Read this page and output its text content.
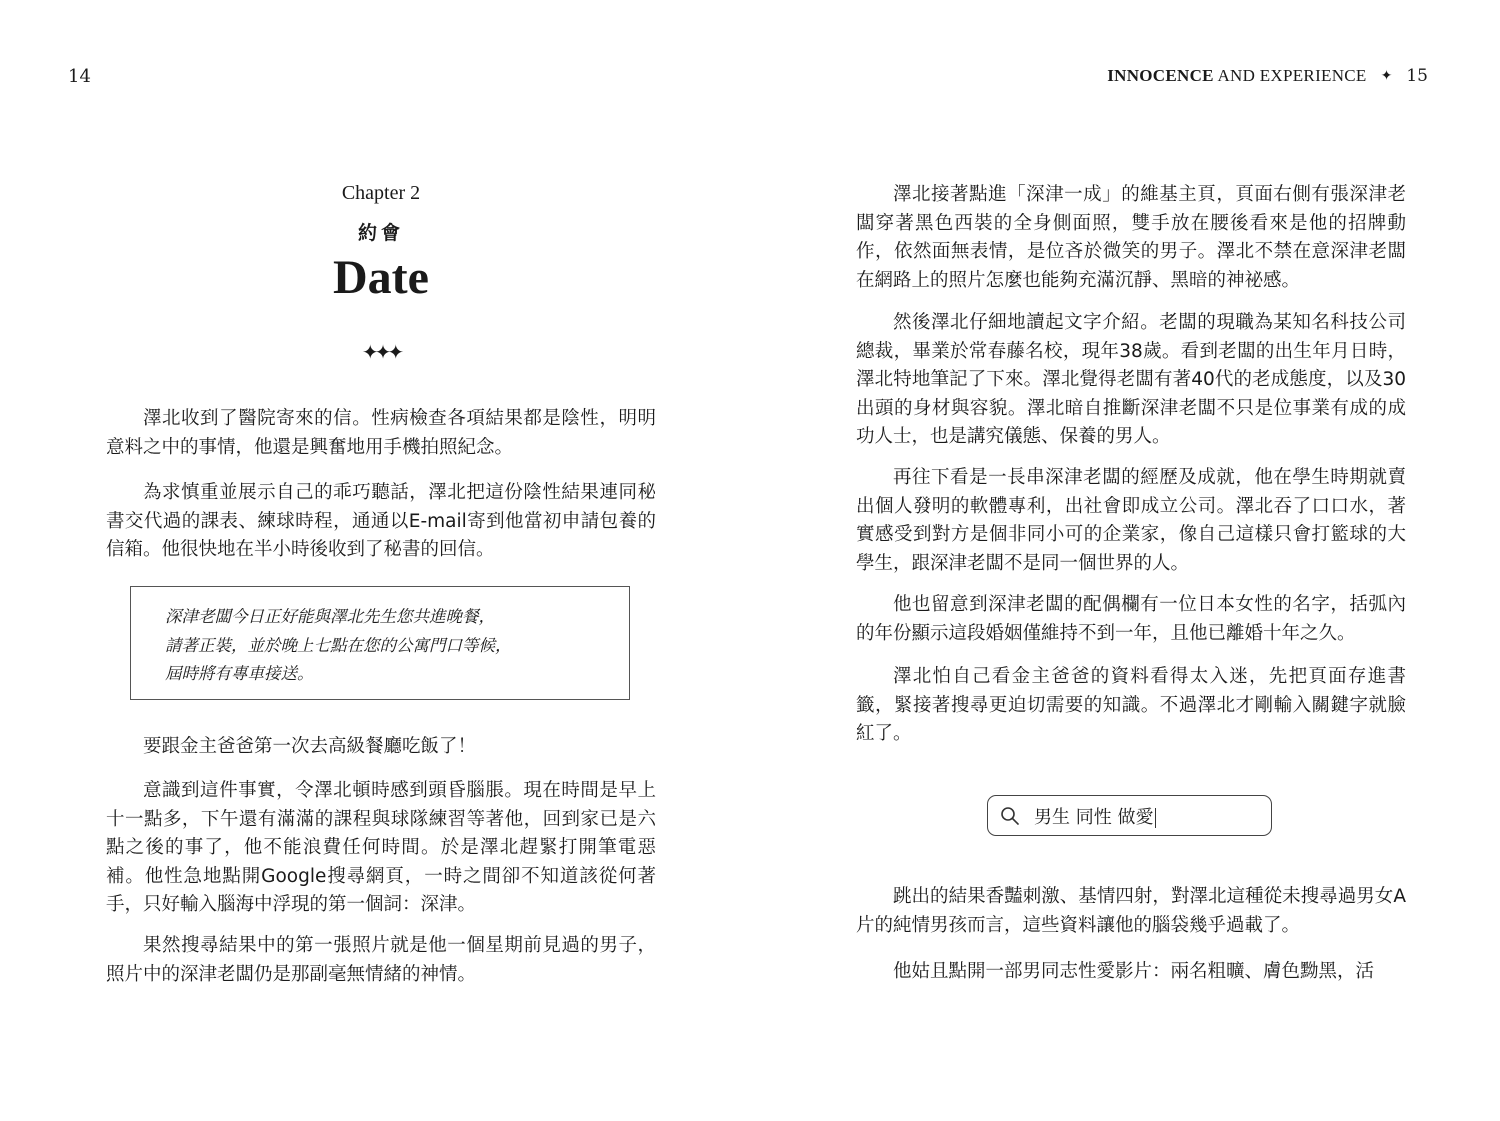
14
Chapter 2
約會
Date
✦✦✦

澤北收到了醫院寄來的信。性病檢查各項結果都是陰性，明明意料之中的事情，他還是興奮地用手機拍照紀念。

為求慎重並展示自己的乖巧聽話，澤北把這份陰性結果連同秘書交代過的課表、練球時程，通通以E-mail寄到他當初申請包養的信箱。他很快地在半小時後收到了秘書的回信。

深津老闆今日正好能與澤北先生您共進晚餐，
請著正裝，並於晚上七點在您的公寓門口等候，
屆時將有專車接送。

要跟金主爸爸第一次去高級餐廳吃飯了！

意識到這件事實，令澤北頓時感到頭昏腦脹。現在時間是早上十一點多，下午還有滿滿的課程與球隊練習等著他，回到家已是六點之後的事了，他不能浪費任何時間。於是澤北趕緊打開筆電惡補。他性急地點開Google搜尋網頁，一時之間卻不知道該從何著手，只好輸入腦海中浮現的第一個詞：深津。

果然搜尋結果中的第一張照片就是他一個星期前見過的男子，照片中的深津老闆仍是那副毫無情緒的神情。

INNOCENCE AND EXPERIENCE ✦ 15

澤北接著點進「深津一成」的維基主頁，頁面右側有張深津老闆穿著黑色西裝的全身側面照，雙手放在腰後看來是他的招牌動作，依然面無表情，是位吝於微笑的男子。澤北不禁在意深津老闆在網路上的照片怎麼也能夠充滿沉靜、黑暗的神祕感。

然後澤北仔細地讀起文字介紹。老闆的現職為某知名科技公司總裁，畢業於常春藤名校，現年38歲。看到老闆的出生年月日時，澤北特地筆記了下來。澤北覺得老闆有著40代的老成態度，以及30出頭的身材與容貌。澤北暗自推斷深津老闆不只是位事業有成的成功人士，也是講究儀態、保養的男人。

再往下看是一長串深津老闆的經歷及成就，他在學生時期就賣出個人發明的軟體專利，出社會即成立公司。澤北吞了口口水，著實感受到對方是個非同小可的企業家，像自己這樣只會打籃球的大學生，跟深津老闆不是同一個世界的人。

他也留意到深津老闆的配偶欄有一位日本女性的名字，括弧內的年份顯示這段婚姻僅維持不到一年，且他已離婚十年之久。

澤北怕自己看金主爸爸的資料看得太入迷，先把頁面存進書籤，緊接著搜尋更迫切需要的知識。不過澤北才剛輸入關鍵字就臉紅了。

男生 同性 做愛

跳出的結果香豔刺激、基情四射，對澤北這種從未搜尋過男女A片的純情男孩而言，這些資料讓他的腦袋幾乎過載了。

他姑且點開一部男同志性愛影片：兩名粗曠、膚色黝黑，活
